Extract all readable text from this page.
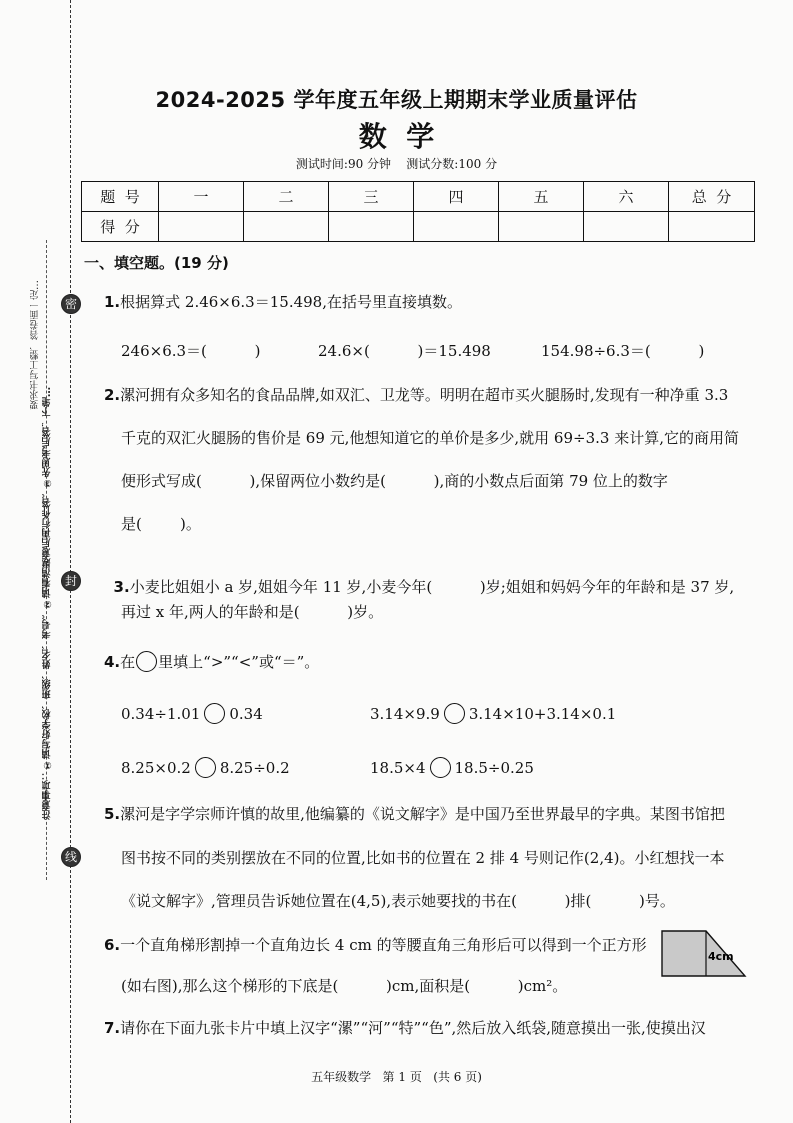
密
封
线
注意事项：①请写好学校、班级、姓名、考号。②请看清题意后再行作答。③先思考后答，下笔…
要求书写工整、答卷面一定…
2024-2025 学年度五年级上期期末学业质量评估
数  学
测试时间:90 分钟    测试分数:100 分
题  号	一	二	三	四	五	六	总  分
得  分							
一、填空题。(19 分)
1.根据算式 2.46×6.3＝15.498,在括号里直接填数。
246×6.3＝(          )	24.6×(          )＝15.498	154.98÷6.3＝(          )
2.漯河拥有众多知名的食品品牌,如双汇、卫龙等。明明在超市买火腿肠时,发现有一种净重 3.3
千克的双汇火腿肠的售价是 69 元,他想知道它的单价是多少,就用 69÷3.3 来计算,它的商用简
便形式写成(          ),保留两位小数约是(          ),商的小数点后面第 79 位上的数字
是(        )。

3.小麦比姐姐小 a 岁,姐姐今年 11 岁,小麦今年(          )岁;姐姐和妈妈今年的年龄和是 37 岁,

再过 x 年,两人的年龄和是(          )岁。
4.在 里填上“>”“<”或“＝”。
0.34÷1.01 0.34	3.14×9.9 3.14×10+3.14×0.1
8.25×0.2 8.25÷0.2	18.5×4 18.5÷0.25
5.漯河是字学宗师许慎的故里,他编纂的《说文解字》是中国乃至世界最早的字典。某图书馆把
图书按不同的类别摆放在不同的位置,比如书的位置在 2 排 4 号则记作(2,4)。小红想找一本
《说文解字》,管理员告诉她位置在(4,5),表示她要找的书在(          )排(          )号。
6.一个直角梯形割掉一个直角边长 4 cm 的等腰直角三角形后可以得到一个正方形
(如右图),那么这个梯形的下底是(          )cm,面积是(          )cm²。
4cm
7.请你在下面九张卡片中填上汉字“漯”“河”“特”“色”,然后放入纸袋,随意摸出一张,使摸出汉
五年级数学   第 1 页   (共 6 页)
